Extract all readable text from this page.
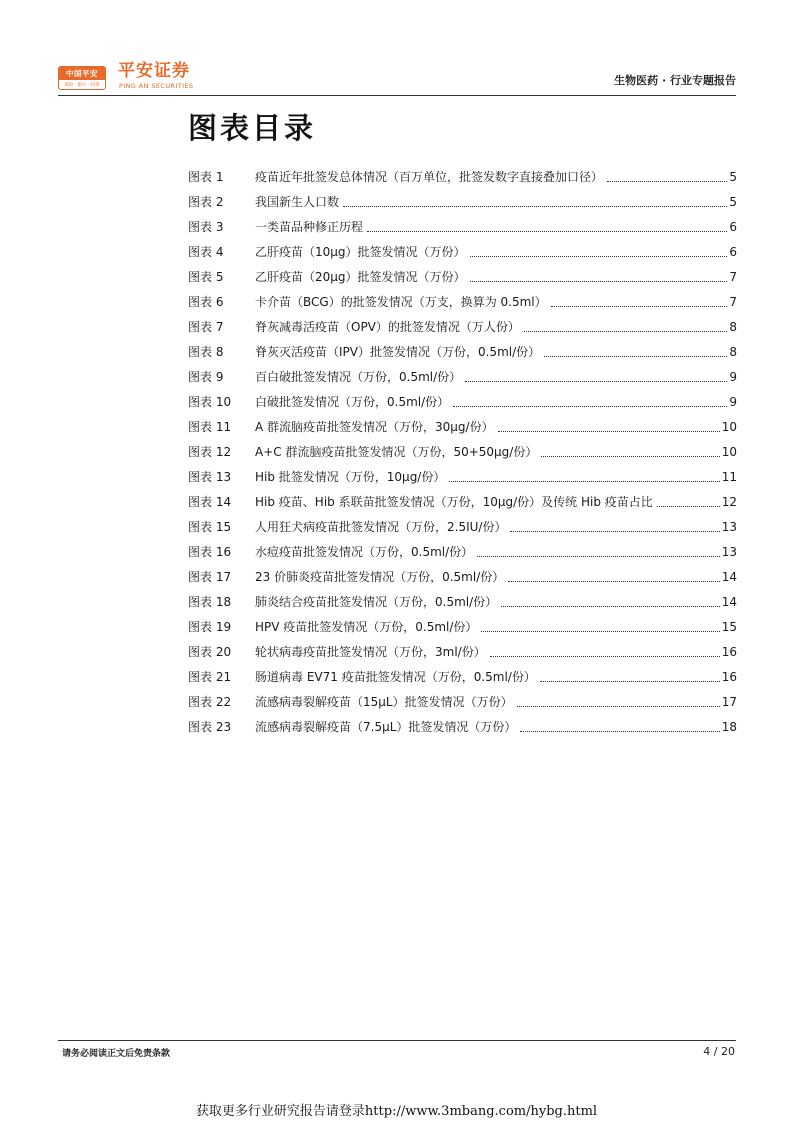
中国平安
保险 · 银行 · 投资
平安证券
PING AN SECURITIES	生物医药 · 行业专题报告
图表目录
图表 1	疫苗近年批签发总体情况（百万单位，批签发数字直接叠加口径）	5
图表 2	我国新生人口数	5
图表 3	一类苗品种修正历程	6
图表 4	乙肝疫苗（10μg）批签发情况（万份）	6
图表 5	乙肝疫苗（20μg）批签发情况（万份）	7
图表 6	卡介苗（BCG）的批签发情况（万支，换算为 0.5ml）	7
图表 7	脊灰减毒活疫苗（OPV）的批签发情况（万人份）	8
图表 8	脊灰灭活疫苗（IPV）批签发情况（万份，0.5ml/份）	8
图表 9	百白破批签发情况（万份，0.5ml/份）	9
图表 10	白破批签发情况（万份，0.5ml/份）	9
图表 11	A 群流脑疫苗批签发情况（万份，30μg/份）	10
图表 12	A+C 群流脑疫苗批签发情况（万份，50+50μg/份）	10
图表 13	Hib 批签发情况（万份，10μg/份）	11
图表 14	Hib 疫苗、Hib 系联苗批签发情况（万份，10μg/份）及传统 Hib 疫苗占比	12
图表 15	人用狂犬病疫苗批签发情况（万份，2.5IU/份）	13
图表 16	水痘疫苗批签发情况（万份，0.5ml/份）	13
图表 17	23 价肺炎疫苗批签发情况（万份，0.5ml/份）	14
图表 18	肺炎结合疫苗批签发情况（万份，0.5ml/份）	14
图表 19	HPV 疫苗批签发情况（万份，0.5ml/份）	15
图表 20	轮状病毒疫苗批签发情况（万份，3ml/份）	16
图表 21	肠道病毒 EV71 疫苗批签发情况（万份，0.5ml/份）	16
图表 22	流感病毒裂解疫苗（15μL）批签发情况（万份）	17
图表 23	流感病毒裂解疫苗（7.5μL）批签发情况（万份）	18
请务必阅读正文后免责条款	4 / 20
获取更多行业研究报告请登录http://www.3mbang.com/hybg.html
